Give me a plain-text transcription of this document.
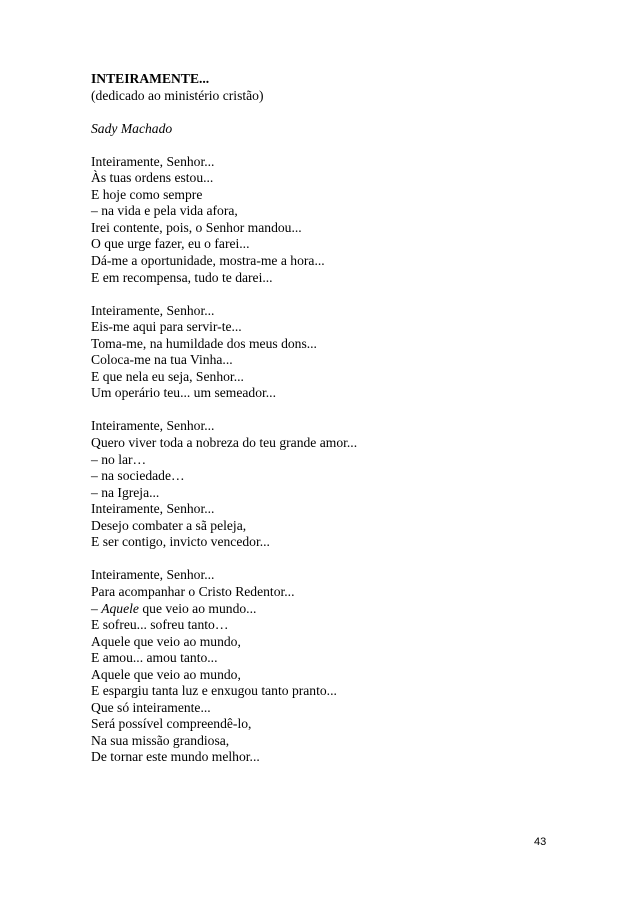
INTEIRAMENTE...
(dedicado ao ministério cristão)
Sady Machado
Inteiramente, Senhor...
Às tuas ordens estou...
E hoje como sempre
– na vida e pela vida afora,
Irei contente, pois, o Senhor mandou...
O que urge fazer, eu o farei...
Dá-me a oportunidade, mostra-me a hora...
E em recompensa, tudo te darei...
Inteiramente, Senhor...
Eis-me aqui para servir-te...
Toma-me, na humildade dos meus dons...
Coloca-me na tua Vinha...
E que nela eu seja, Senhor...
Um operário teu... um semeador...
Inteiramente, Senhor...
Quero viver toda a nobreza do teu grande amor...
– no lar…
– na sociedade…
– na Igreja...
Inteiramente, Senhor...
Desejo combater a sã peleja,
E ser contigo, invicto vencedor...
Inteiramente, Senhor...
Para acompanhar o Cristo Redentor...
– Aquele que veio ao mundo...
E sofreu... sofreu tanto…
Aquele que veio ao mundo,
E amou... amou tanto...
Aquele que veio ao mundo,
E espargiu tanta luz e enxugou tanto pranto...
Que só inteiramente...
Será possível compreendê-lo,
Na sua missão grandiosa,
De tornar este mundo melhor...
43
